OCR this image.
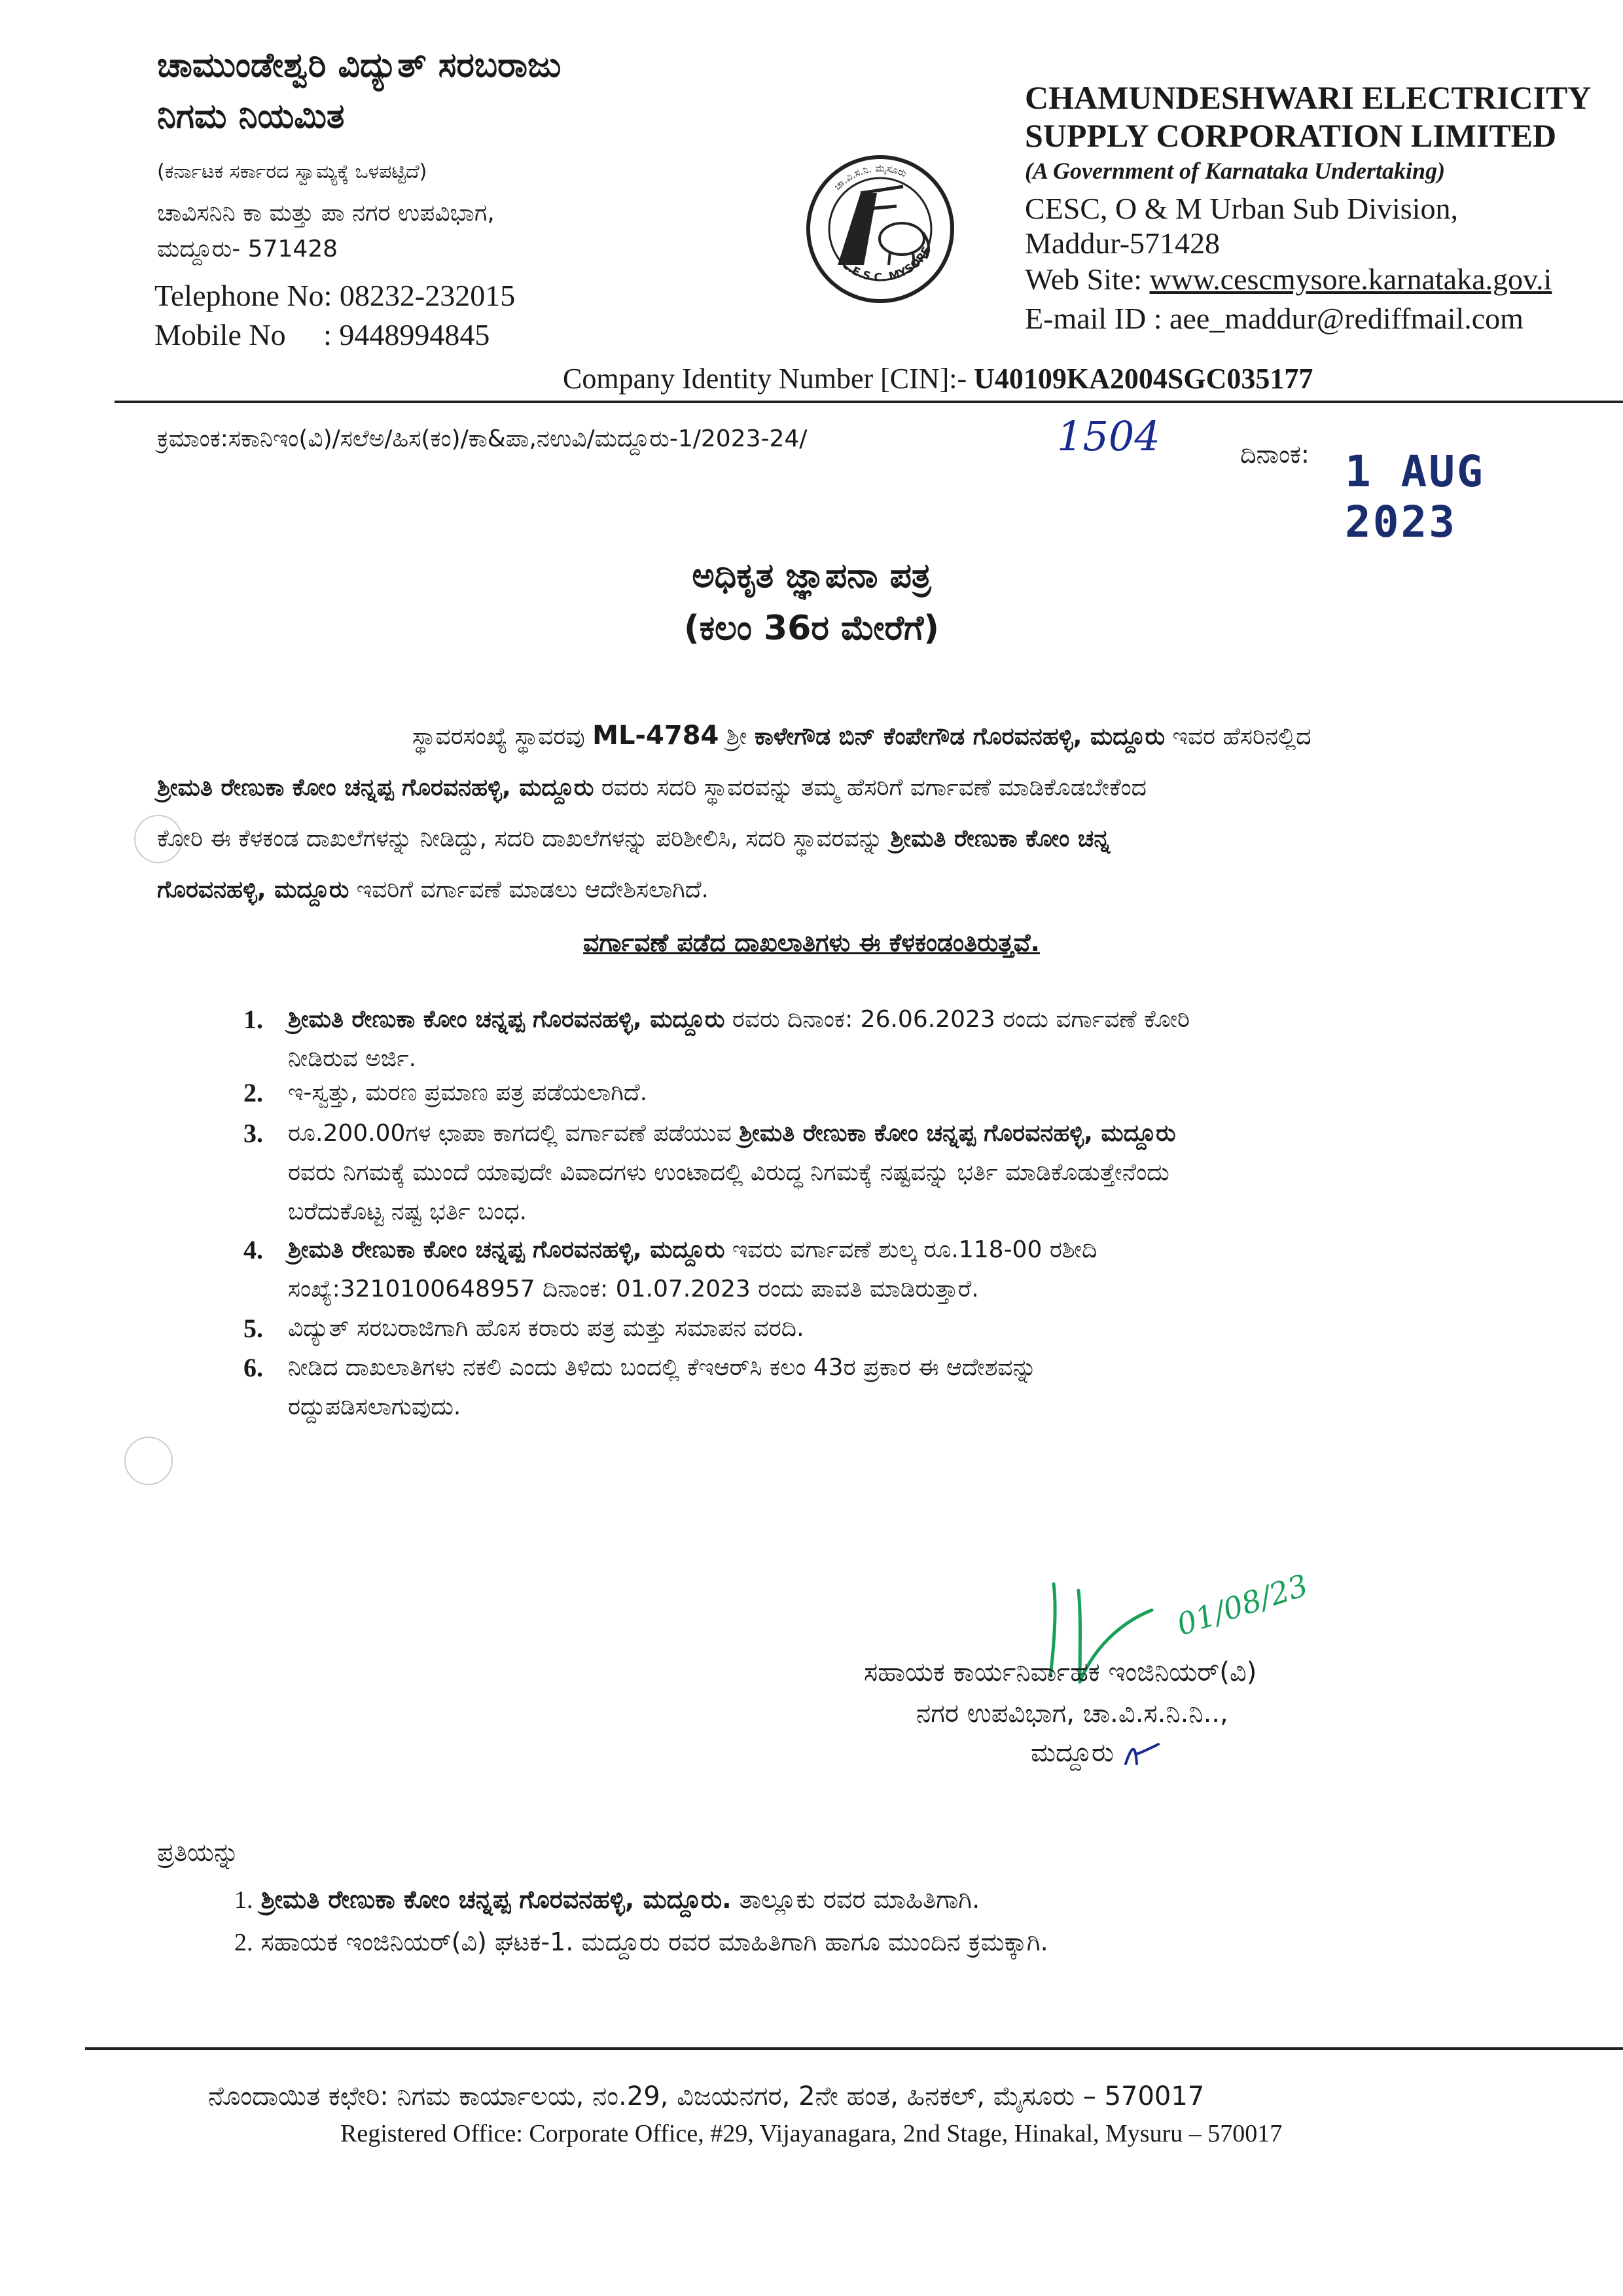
ಚಾಮುಂಡೇಶ್ವರಿ ವಿದ್ಯುತ್ ಸರಬರಾಜು
ನಿಗಮ ನಿಯಮಿತ
(ಕರ್ನಾಟಕ ಸರ್ಕಾರದ ಸ್ವಾಮ್ಯಕ್ಕೆ ಒಳಪಟ್ಟಿದೆ)
ಚಾವಿಸನಿನಿ ಕಾ ಮತ್ತು ಪಾ ನಗರ ಉಪವಿಭಾಗ,
ಮದ್ದೂರು- 571428
Telephone No: 08232-232015
Mobile No : 9448994845
ಚಾ.ವಿ.ಸ.ನಿ. ಮೈಸೂರು
C.E.S.C. MYSORE
CHAMUNDESHWARI ELECTRICITY
SUPPLY CORPORATION LIMITED
(A Government of Karnataka Undertaking)
CESC, O & M Urban Sub Division,
Maddur-571428
Web Site: www.cescmysore.karnataka.gov.i
E-mail ID : aee_maddur@rediffmail.com
Company Identity Number [CIN]:- U40109KA2004SGC035177
ಕ್ರಮಾಂಕ:ಸಕಾನಿಇಂ(ವಿ)/ಸಲೆಅ/ಹಿಸ(ಕಂ)/ಕಾ&ಪಾ,ನಉವಿ/ಮದ್ದೂರು-1/2023-24/	1504	ದಿನಾಂಕ: 1 AUG 2023
ಅಧಿಕೃತ ಜ್ಞಾಪನಾ ಪತ್ರ
(ಕಲಂ 36ರ ಮೇರೆಗೆ)
ಸ್ಥಾವರಸಂಖ್ಯೆ ಸ್ಥಾವರವು ML-4784 ಶ್ರೀ ಕಾಳೇಗೌಡ ಬಿನ್ ಕೆಂಪೇಗೌಡ ಗೊರವನಹಳ್ಳಿ, ಮದ್ದೂರು ಇವರ ಹೆಸರಿನಲ್ಲಿದ
ಶ್ರೀಮತಿ ರೇಣುಕಾ ಕೋಂ ಚನ್ನಪ್ಪ ಗೊರವನಹಳ್ಳಿ, ಮದ್ದೂರು ರವರು ಸದರಿ ಸ್ಥಾವರವನ್ನು ತಮ್ಮ ಹೆಸರಿಗೆ ವರ್ಗಾವಣೆ ಮಾಡಿಕೊಡಬೇಕೆಂದ
ಕೋರಿ ಈ ಕೆಳಕಂಡ ದಾಖಲೆಗಳನ್ನು ನೀಡಿದ್ದು, ಸದರಿ ದಾಖಲೆಗಳನ್ನು ಪರಿಶೀಲಿಸಿ, ಸದರಿ ಸ್ಥಾವರವನ್ನು ಶ್ರೀಮತಿ ರೇಣುಕಾ ಕೋಂ ಚನ್ನ
ಗೊರವನಹಳ್ಳಿ, ಮದ್ದೂರು ಇವರಿಗೆ ವರ್ಗಾವಣೆ ಮಾಡಲು ಆದೇಶಿಸಲಾಗಿದೆ.
ವರ್ಗಾವಣೆ ಪಡೆದ ದಾಖಲಾತಿಗಳು ಈ ಕೆಳಕಂಡಂತಿರುತ್ತವೆ.
1. ಶ್ರೀಮತಿ ರೇಣುಕಾ ಕೋಂ ಚನ್ನಪ್ಪ ಗೊರವನಹಳ್ಳಿ, ಮದ್ದೂರು ರವರು ದಿನಾಂಕ: 26.06.2023 ರಂದು ವರ್ಗಾವಣೆ ಕೋರಿ
ನೀಡಿರುವ ಅರ್ಜಿ.
2. ಇ-ಸ್ವತ್ತು, ಮರಣ ಪ್ರಮಾಣ ಪತ್ರ ಪಡೆಯಲಾಗಿದೆ.
3. ರೂ.200.00ಗಳ ಛಾಪಾ ಕಾಗದಲ್ಲಿ ವರ್ಗಾವಣೆ ಪಡೆಯುವ ಶ್ರೀಮತಿ ರೇಣುಕಾ ಕೋಂ ಚನ್ನಪ್ಪ ಗೊರವನಹಳ್ಳಿ, ಮದ್ದೂರು
ರವರು ನಿಗಮಕ್ಕೆ ಮುಂದೆ ಯಾವುದೇ ವಿವಾದಗಳು ಉಂಟಾದಲ್ಲಿ ವಿರುದ್ಧ ನಿಗಮಕ್ಕೆ ನಷ್ಟವನ್ನು ಭರ್ತಿ ಮಾಡಿಕೊಡುತ್ತೇನೆಂದು
ಬರೆದುಕೊಟ್ಟ ನಷ್ಟ ಭರ್ತಿ ಬಂಧ.
4. ಶ್ರೀಮತಿ ರೇಣುಕಾ ಕೋಂ ಚನ್ನಪ್ಪ ಗೊರವನಹಳ್ಳಿ, ಮದ್ದೂರು ಇವರು ವರ್ಗಾವಣೆ ಶುಲ್ಕ ರೂ.118-00 ರಶೀದಿ
ಸಂಖ್ಯೆ:3210100648957 ದಿನಾಂಕ: 01.07.2023 ರಂದು ಪಾವತಿ ಮಾಡಿರುತ್ತಾರೆ.
5. ವಿದ್ಯುತ್ ಸರಬರಾಜಿಗಾಗಿ ಹೊಸ ಕರಾರು ಪತ್ರ ಮತ್ತು ಸಮಾಪನ ವರದಿ.
6. ನೀಡಿದ ದಾಖಲಾತಿಗಳು ನಕಲಿ ಎಂದು ತಿಳಿದು ಬಂದಲ್ಲಿ ಕೆಇಆರ್‌ಸಿ ಕಲಂ 43ರ ಪ್ರಕಾರ ಈ ಆದೇಶವನ್ನು
ರದ್ದುಪಡಿಸಲಾಗುವುದು.
01/08/23
ಸಹಾಯಕ ಕಾರ್ಯನಿರ್ವಾಹಕ ಇಂಜಿನಿಯರ್(ವಿ)
ನಗರ ಉಪವಿಭಾಗ, ಚಾ.ವಿ.ಸ.ನಿ.ನಿ..,
ಮದ್ದೂರು
ಪ್ರತಿಯನ್ನು
1. ಶ್ರೀಮತಿ ರೇಣುಕಾ ಕೋಂ ಚನ್ನಪ್ಪ ಗೊರವನಹಳ್ಳಿ, ಮದ್ದೂರು. ತಾಲ್ಲೂಕು ರವರ ಮಾಹಿತಿಗಾಗಿ.
2. ಸಹಾಯಕ ಇಂಜಿನಿಯರ್(ವಿ) ಘಟಕ-1. ಮದ್ದೂರು ರವರ ಮಾಹಿತಿಗಾಗಿ ಹಾಗೂ ಮುಂದಿನ ಕ್ರಮಕ್ಕಾಗಿ.
ನೊಂದಾಯಿತ ಕಛೇರಿ: ನಿಗಮ ಕಾರ್ಯಾಲಯ, ನಂ.29, ವಿಜಯನಗರ, 2ನೇ ಹಂತ, ಹಿನಕಲ್, ಮೈಸೂರು – 570017
Registered Office: Corporate Office, #29, Vijayanagara, 2nd Stage, Hinakal, Mysuru – 570017
